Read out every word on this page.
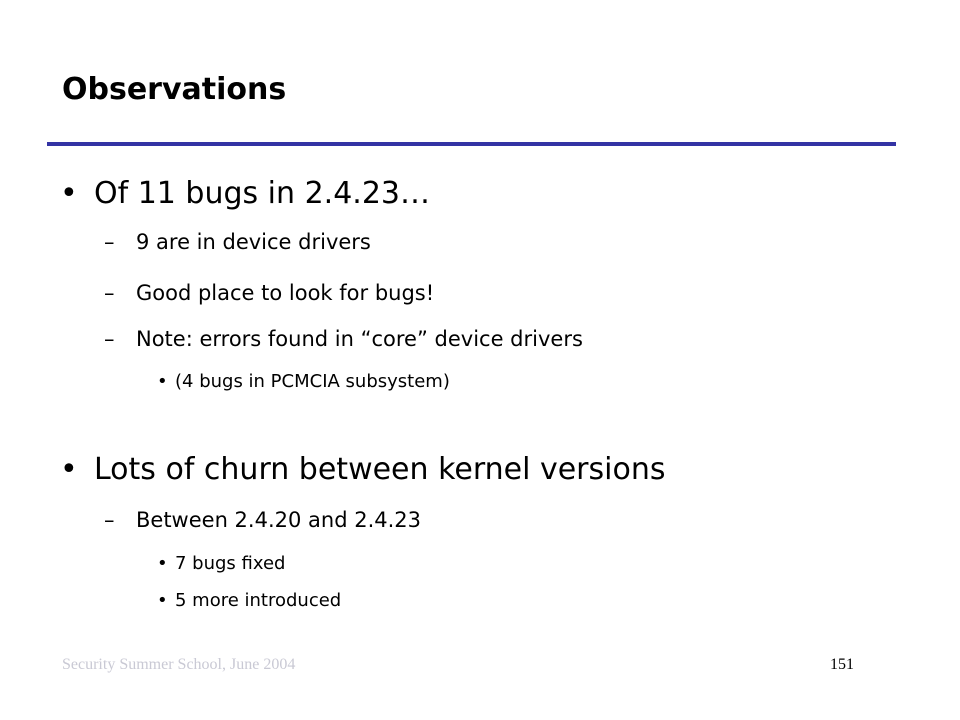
Observations
• Of 11 bugs in 2.4.23…
– 9 are in device drivers
– Good place to look for bugs!
– Note: errors found in “core” device drivers
• (4 bugs in PCMCIA subsystem)
• Lots of churn between kernel versions
– Between 2.4.20 and 2.4.23
• 7 bugs fixed
• 5 more introduced
Security Summer School, June 2004	151
